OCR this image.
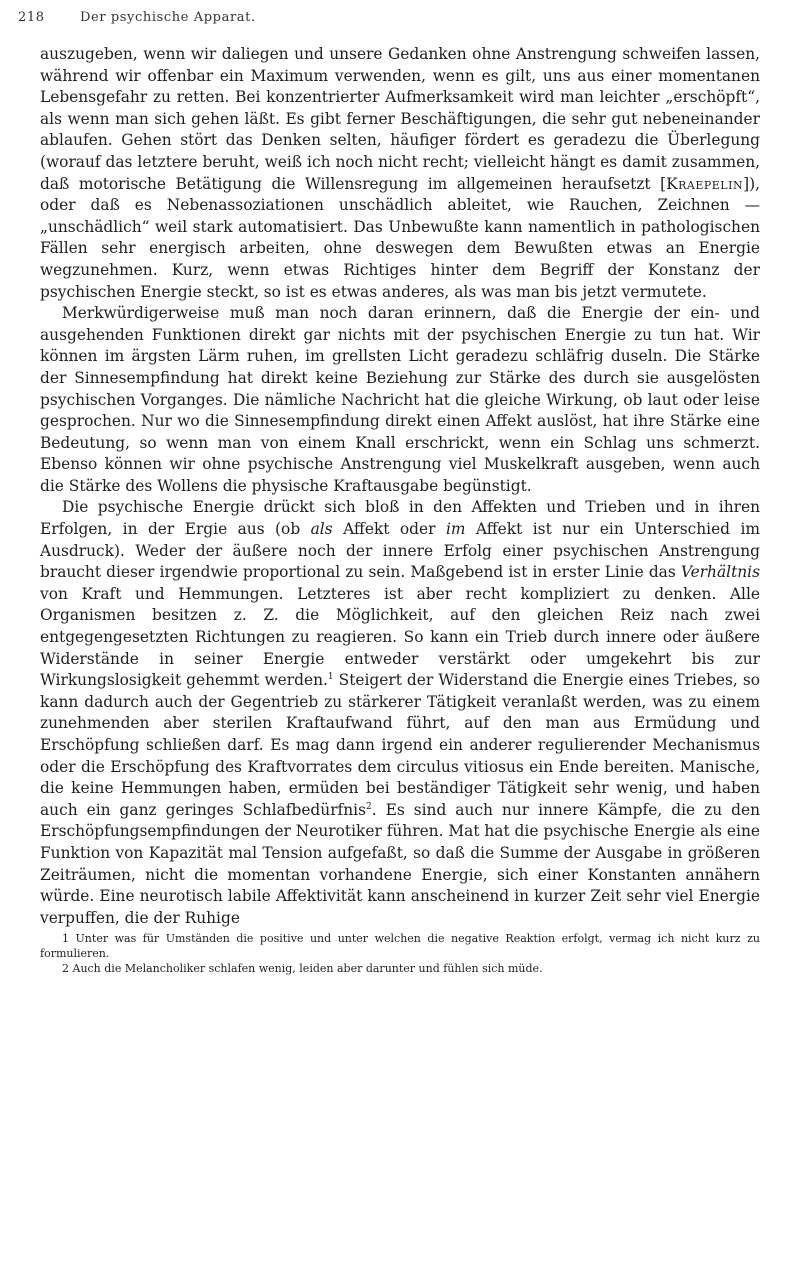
218	Der psychische Apparat.

auszugeben, wenn wir daliegen und unsere Gedanken ohne Anstrengung schweifen lassen, während wir offenbar ein Maximum verwenden, wenn es gilt, uns aus einer momentanen Lebensgefahr zu retten. Bei konzentrierter Aufmerksamkeit wird man leichter „erschöpft“, als wenn man sich gehen läßt. Es gibt ferner Beschäftigungen, die sehr gut nebeneinander ablaufen. Gehen stört das Denken selten, häufiger fördert es geradezu die Überlegung (worauf das letztere beruht, weiß ich noch nicht recht; vielleicht hängt es damit zusammen, daß motorische Betätigung die Willensregung im allgemeinen heraufsetzt [Kraepelin]), oder daß es Nebenassoziationen unschädlich ableitet, wie Rauchen, Zeichnen — „unschädlich“ weil stark automatisiert. Das Unbewußte kann namentlich in pathologischen Fällen sehr energisch arbeiten, ohne deswegen dem Bewußten etwas an Energie wegzunehmen. Kurz, wenn etwas Richtiges hinter dem Begriff der Konstanz der psychischen Energie steckt, so ist es etwas anderes, als was man bis jetzt vermutete.

Merkwürdigerweise muß man noch daran erinnern, daß die Energie der ein- und ausgehenden Funktionen direkt gar nichts mit der psychischen Energie zu tun hat. Wir können im ärgsten Lärm ruhen, im grellsten Licht geradezu schläfrig duseln. Die Stärke der Sinnesempfindung hat direkt keine Beziehung zur Stärke des durch sie ausgelösten psychischen Vorganges. Die nämliche Nachricht hat die gleiche Wirkung, ob laut oder leise gesprochen. Nur wo die Sinnesempfindung direkt einen Affekt auslöst, hat ihre Stärke eine Bedeutung, so wenn man von einem Knall erschrickt, wenn ein Schlag uns schmerzt. Ebenso können wir ohne psychische Anstrengung viel Muskelkraft ausgeben, wenn auch die Stärke des Wollens die physische Kraftausgabe begünstigt.

Die psychische Energie drückt sich bloß in den Affekten und Trieben und in ihren Erfolgen, in der Ergie aus (ob als Affekt oder im Affekt ist nur ein Unterschied im Ausdruck). Weder der äußere noch der innere Erfolg einer psychischen Anstrengung braucht dieser irgendwie proportional zu sein. Maßgebend ist in erster Linie das Verhältnis von Kraft und Hemmungen. Letzteres ist aber recht kompliziert zu denken. Alle Organismen besitzen z. Z. die Möglichkeit, auf den gleichen Reiz nach zwei entgegengesetzten Richtungen zu reagieren. So kann ein Trieb durch innere oder äußere Widerstände in seiner Energie entweder verstärkt oder umgekehrt bis zur Wirkungslosigkeit gehemmt werden.$^1$ Steigert der Widerstand die Energie eines Triebes, so kann dadurch auch der Gegentrieb zu stärkerer Tätigkeit veranlaßt werden, was zu einem zunehmenden aber sterilen Kraftaufwand führt, auf den man aus Ermüdung und Erschöpfung schließen darf. Es mag dann irgend ein anderer regulierender Mechanismus oder die Erschöpfung des Kraftvorrates dem circulus vitiosus ein Ende bereiten. Manische, die keine Hemmungen haben, ermüden bei beständiger Tätigkeit sehr wenig, und haben auch ein ganz geringes Schlafbedürfnis$^2$. Es sind auch nur innere Kämpfe, die zu den Erschöpfungsempfindungen der Neurotiker führen. Mat hat die psychische Energie als eine Funktion von Kapazität mal Tension aufgefaßt, so daß die Summe der Ausgabe in größeren Zeiträumen, nicht die momentan vorhandene Energie, sich einer Konstanten annähern würde. Eine neurotisch labile Affektivität kann anscheinend in kurzer Zeit sehr viel Energie verpuffen, die der Ruhige

1 Unter was für Umständen die positive und unter welchen die negative Reaktion erfolgt, vermag ich nicht kurz zu formulieren.

2 Auch die Melancholiker schlafen wenig, leiden aber darunter und fühlen sich müde.
